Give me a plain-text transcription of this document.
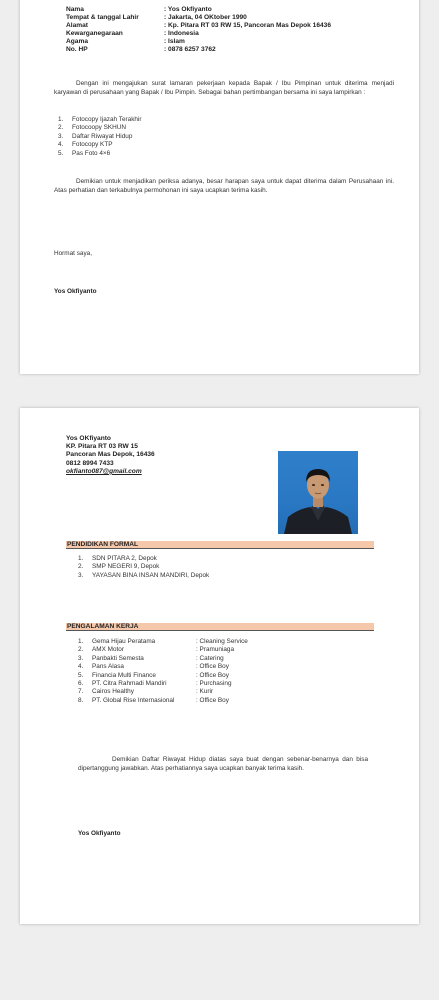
Nama	: Yos Okfiyanto
Tempat & tanggal Lahir	: Jakarta, 04 OKtober 1990
Alamat	: Kp. Pitara RT 03 RW 15, Pancoran Mas Depok 16436
Kewarganegaraan	: Indonesia
Agama	: Islam
No. HP	: 0878 6257 3762
Dengan ini mengajukan surat lamaran pekerjaan kepada Bapak / Ibu Pimpinan untuk diterima menjadi karyawan di perusahaan yang Bapak / Ibu Pimpin. Sebagai bahan pertimbangan bersama ini saya lampirkan :
1. Fotocopy Ijazah Terakhir
2. Fotocoopy SKHUN
3. Daftar Riwayat Hidup
4. Fotocopy KTP
5. Pas Foto 4×6
Demikian untuk menjadikan periksa adanya, besar harapan saya untuk dapat diterima dalam Perusahaan ini. Atas perhatian dan terkabulnya permohonan ini saya ucapkan terima kasih.
Hormat saya,
Yos Okfiyanto
Yos OKfiyanto
KP. Pitara RT 03 RW 15
Pancoran Mas Depok, 16436
0812 8994 7433
okfianto087@gmail.com
PENDIDIKAN FORMAL
1. SDN PITARA 2, Depok
2. SMP NEGERI 9, Depok
3. YAYASAN BINA INSAN MANDIRI, Depok
PENGALAMAN KERJA
1. Gema Hijau Peratama	: Cleaning Service
2. AMX Motor	: Pramuniaga
3. Panbakti Semesta	: Catering
4. Pans Alasa	: Office Boy
5. Financia Multi Finance	: Office Boy
6. PT. Citra Rahmadi Mandiri	: Purchasing
7. Cairos Healthy	: Kurir
8. PT. Global Rise Internasional	: Office Boy
Demikian Daftar Riwayat Hidup diatas saya buat dengan sebenar-benarnya dan bisa dipertanggung jawabkan. Atas perhatiannya saya ucapkan banyak terima kasih.
Yos Okfiyanto
